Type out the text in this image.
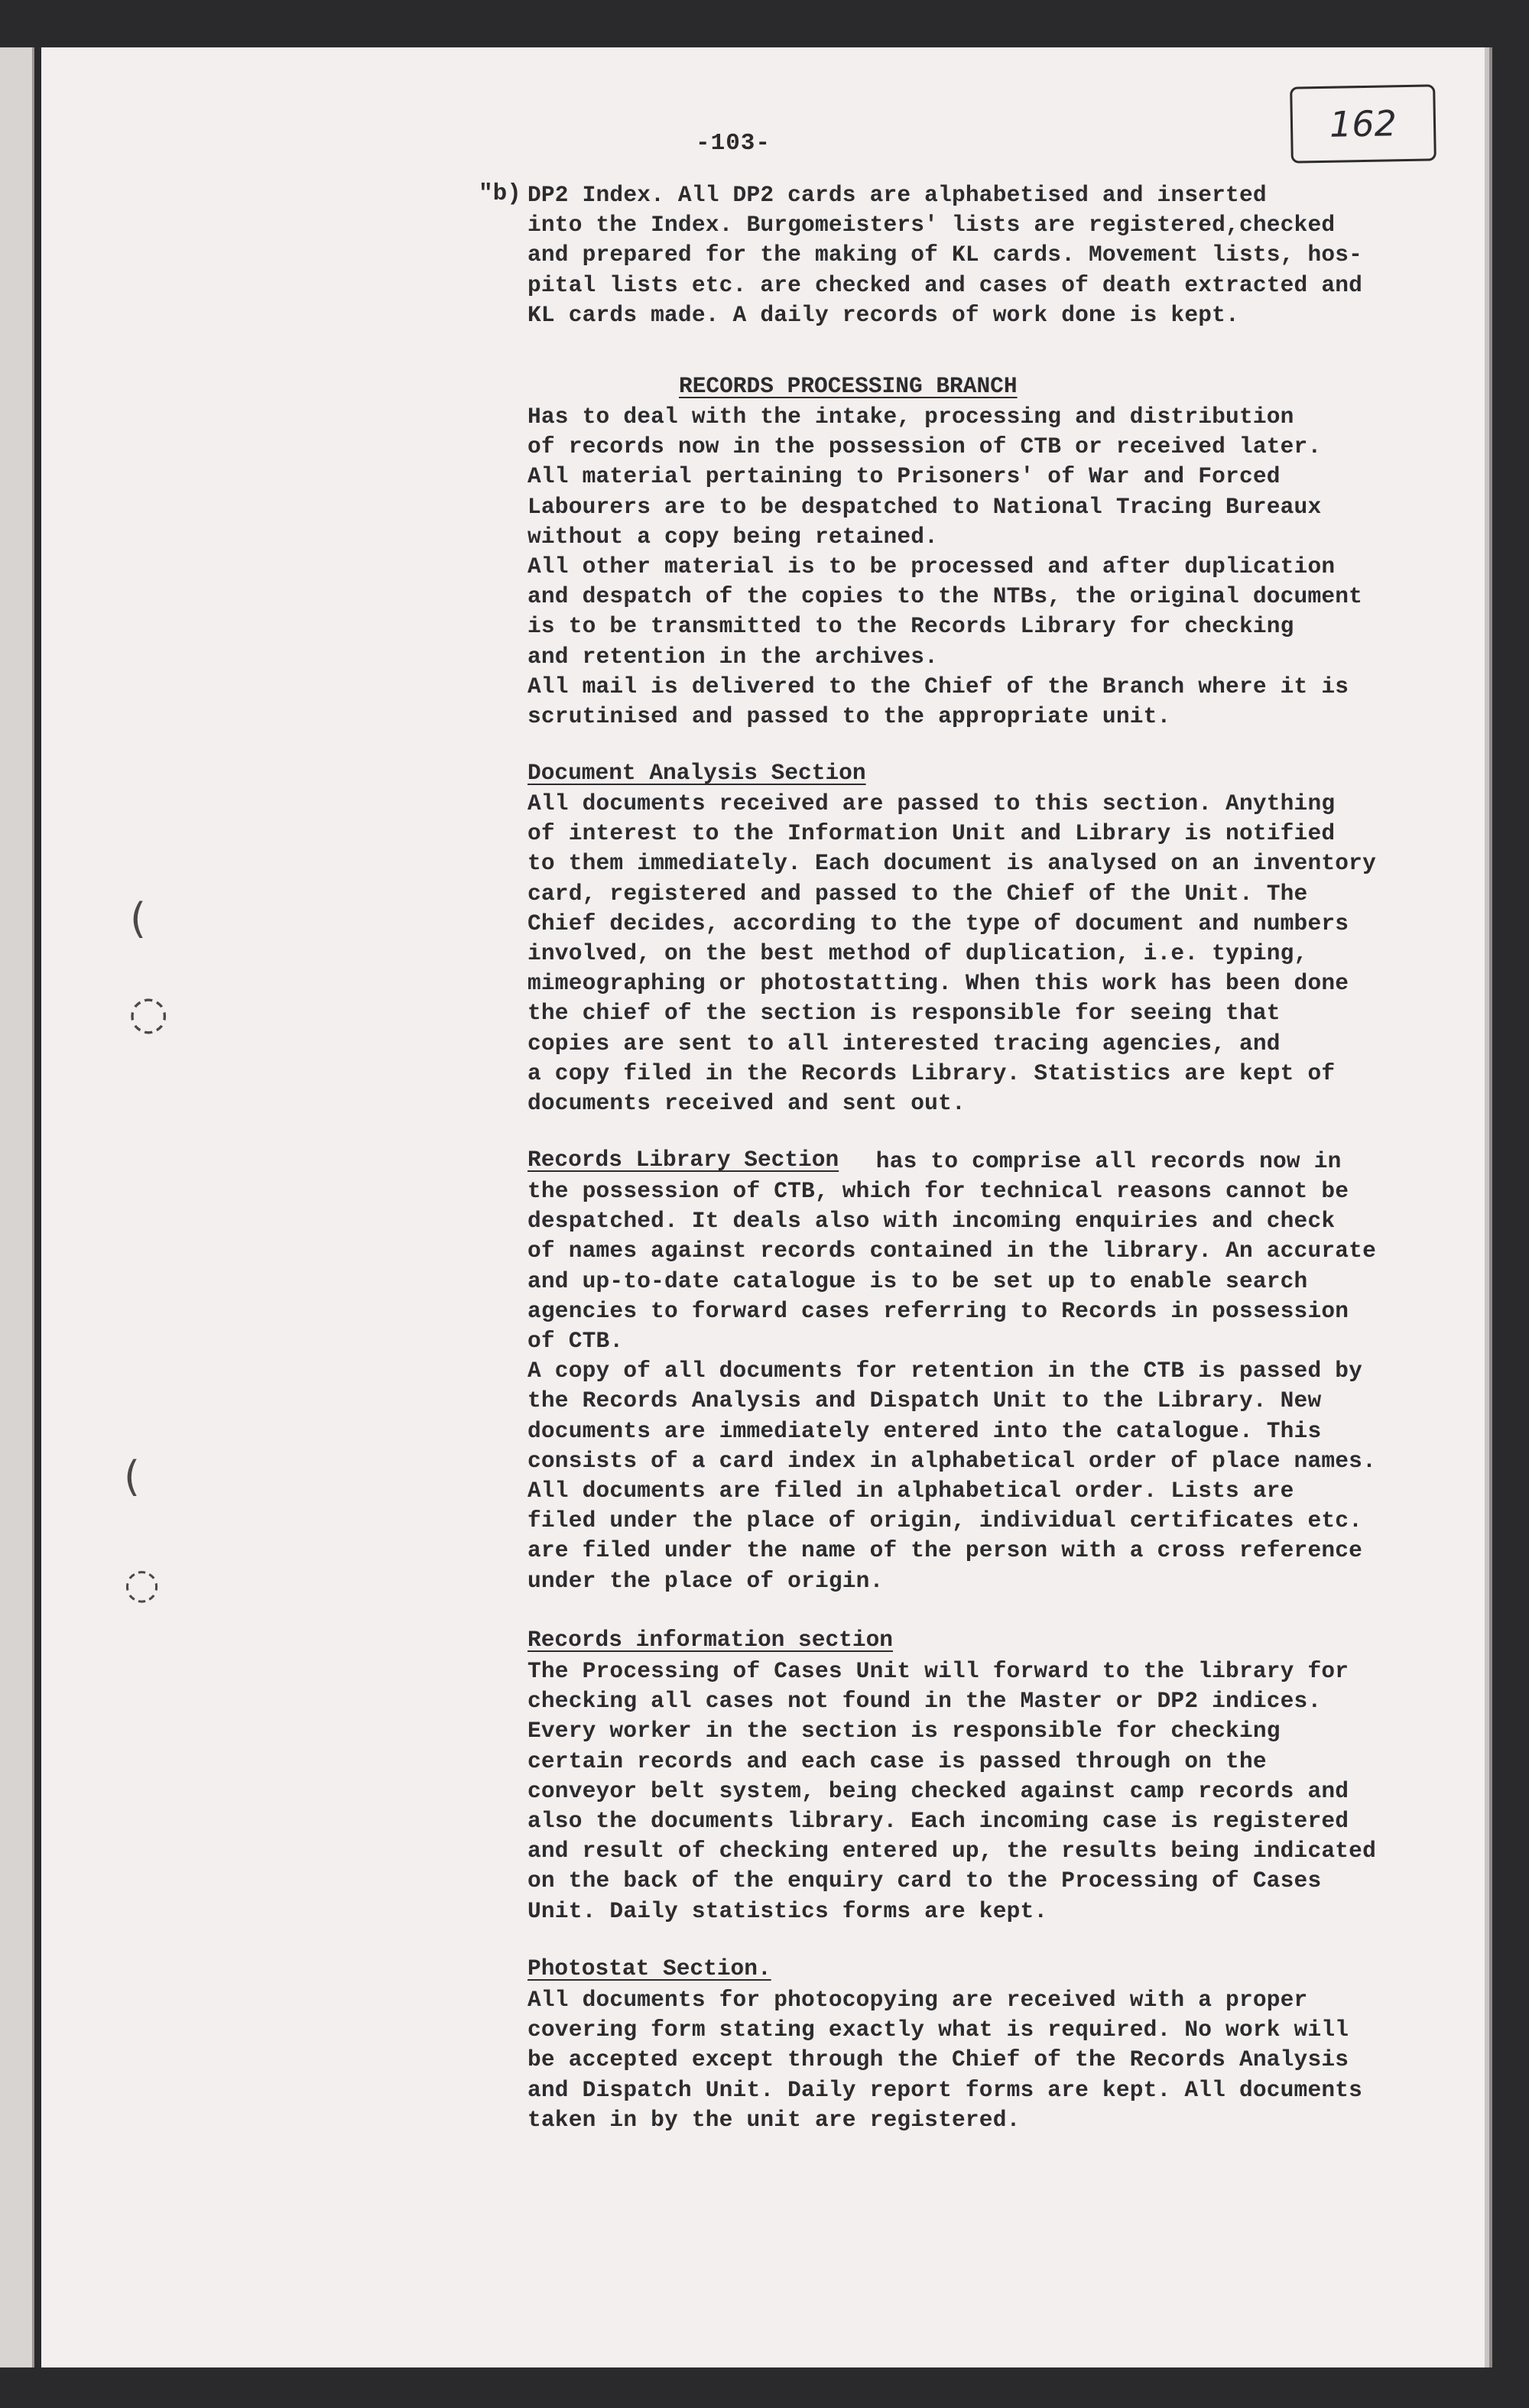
162
-103-
"b) DP2 Index. All DP2 cards are alphabetised and inserted
into the Index. Burgomeisters' lists are registered,checked
and prepared for the making of KL cards. Movement lists, hos-
pital lists etc. are checked and cases of death extracted and
KL cards made. A daily records of work done is kept.
RECORDS PROCESSING BRANCH
Has to deal with the intake, processing and distribution
of records now in the possession of CTB or received later.
All material pertaining to Prisoners' of War and Forced
Labourers are to be despatched to National Tracing Bureaux
without a copy being retained.
All other material is to be processed and after duplication
and despatch of the copies to the NTBs, the original document
is to be transmitted to the Records Library for checking
and retention in the archives.
All mail is delivered to the Chief of the Branch where it is
scrutinised and passed to the appropriate unit.
Document Analysis Section
All documents received are passed to this section. Anything
of interest to the Information Unit and Library is notified
to them immediately. Each document is analysed on an inventory
card, registered and passed to the Chief of the Unit. The
Chief decides, according to the type of document and numbers
involved, on the best method of duplication, i.e. typing,
mimeographing or photostatting. When this work has been done
the chief of the section is responsible for seeing that
copies are sent to all interested tracing agencies, and
a copy filed in the Records Library. Statistics are kept of
documents received and sent out.
Records Library Section has to comprise all records now in
the possession of CTB, which for technical reasons cannot be
despatched. It deals also with incoming enquiries and check
of names against records contained in the library. An accurate
and up-to-date catalogue is to be set up to enable search
agencies to forward cases referring to Records in possession
of CTB.
A copy of all documents for retention in the CTB is passed by
the Records Analysis and Dispatch Unit to the Library. New
documents are immediately entered into the catalogue. This
consists of a card index in alphabetical order of place names.
All documents are filed in alphabetical order. Lists are
filed under the place of origin, individual certificates etc.
are filed under the name of the person with a cross reference
under the place of origin.
Records information section
The Processing of Cases Unit will forward to the library for
checking all cases not found in the Master or DP2 indices.
Every worker in the section is responsible for checking
certain records and each case is passed through on the
conveyor belt system, being checked against camp records and
also the documents library. Each incoming case is registered
and result of checking entered up, the results being indicated
on the back of the enquiry card to the Processing of Cases
Unit. Daily statistics forms are kept.
Photostat Section.
All documents for photocopying are received with a proper
covering form stating exactly what is required. No work will
be accepted except through the Chief of the Records Analysis
and Dispatch Unit. Daily report forms are kept. All documents
taken in by the unit are registered.
(
◌
(
◌
